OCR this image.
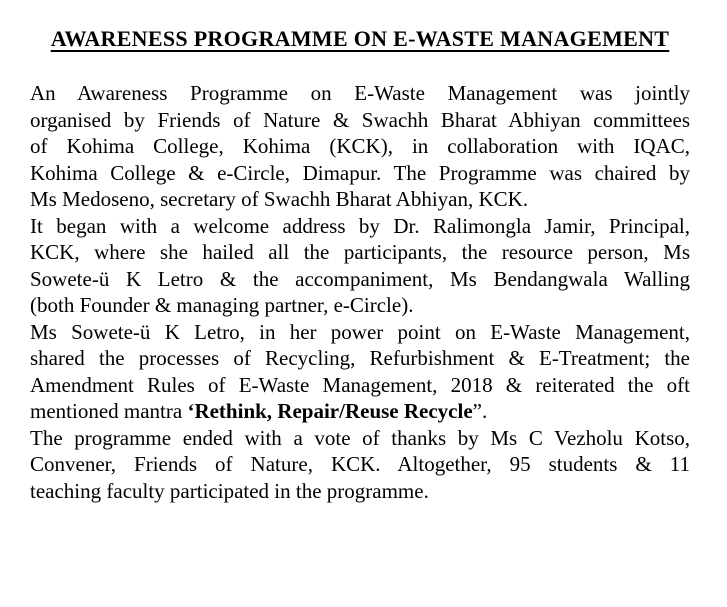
AWARENESS PROGRAMME ON E-WASTE MANAGEMENT
An Awareness Programme on E-Waste Management was jointly
organised by Friends of Nature & Swachh Bharat Abhiyan committees
of Kohima College, Kohima (KCK), in collaboration with IQAC,
Kohima College & e-Circle, Dimapur. The Programme was chaired by
Ms Medoseno, secretary of Swachh Bharat Abhiyan, KCK.
It began with a welcome address by Dr. Ralimongla Jamir, Principal,
KCK, where she hailed all the participants, the resource person, Ms
Sowete-ü K Letro & the accompaniment, Ms Bendangwala Walling
(both Founder & managing partner, e-Circle).
Ms Sowete-ü K Letro, in her power point on E-Waste Management,
shared the processes of Recycling, Refurbishment & E-Treatment; the
Amendment Rules of E-Waste Management, 2018 & reiterated the oft
mentioned mantra ‘Rethink, Repair/Reuse Recycle”.
The programme ended with a vote of thanks by Ms C Vezholu Kotso,
Convener, Friends of Nature, KCK. Altogether, 95 students & 11
teaching faculty participated in the programme.
